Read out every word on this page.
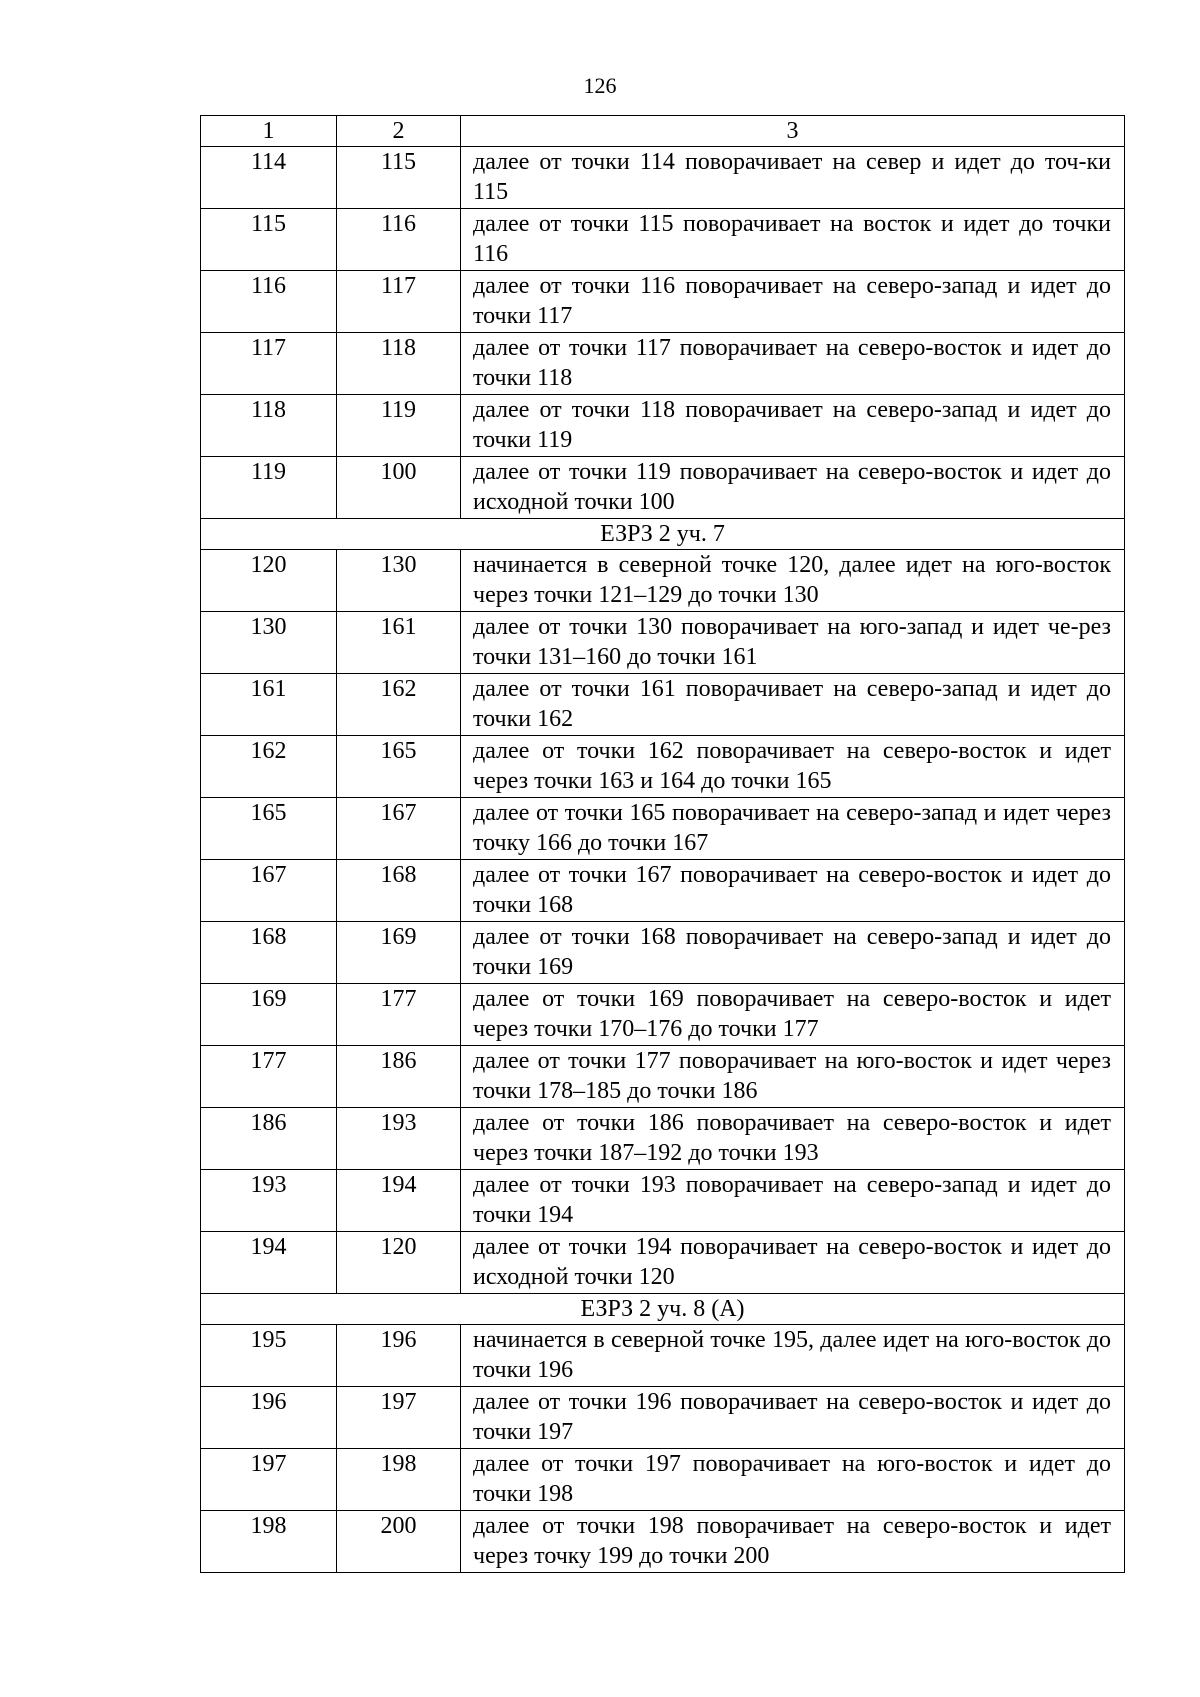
126
1	2	3
114	115	далее от точки 114 поворачивает на север и идет до точ-ки 115
115	116	далее от точки 115 поворачивает на восток и идет до точки 116
116	117	далее от точки 116 поворачивает на северо-запад и идет до точки 117
117	118	далее от точки 117 поворачивает на северо-восток и идет до точки 118
118	119	далее от точки 118 поворачивает на северо-запад и идет до точки 119
119	100	далее от точки 119 поворачивает на северо-восток и идет до исходной точки 100
ЕЗРЗ 2 уч. 7		
120	130	начинается в северной точке 120, далее идет на юго-восток через точки 121–129 до точки 130
130	161	далее от точки 130 поворачивает на юго-запад и идет че-рез точки 131–160 до точки 161
161	162	далее от точки 161 поворачивает на северо-запад и идет до точки 162
162	165	далее от точки 162 поворачивает на северо-восток и идет через точки 163 и 164 до точки 165
165	167	далее от точки 165 поворачивает на северо-запад и идет через точку 166 до точки 167
167	168	далее от точки 167 поворачивает на северо-восток и идет до точки 168
168	169	далее от точки 168 поворачивает на северо-запад и идет до точки 169
169	177	далее от точки 169 поворачивает на северо-восток и идет через точки 170–176 до точки 177
177	186	далее от точки 177 поворачивает на юго-восток и идет через точки 178–185 до точки 186
186	193	далее от точки 186 поворачивает на северо-восток и идет через точки 187–192 до точки 193
193	194	далее от точки 193 поворачивает на северо-запад и идет до точки 194
194	120	далее от точки 194 поворачивает на северо-восток и идет до исходной точки 120
ЕЗРЗ 2 уч. 8 (А)		
195	196	начинается в северной точке 195, далее идет на юго-восток до точки 196
196	197	далее от точки 196 поворачивает на северо-восток и идет до точки 197
197	198	далее от точки 197 поворачивает на юго-восток и идет до точки 198
198	200	далее от точки 198 поворачивает на северо-восток и идет через точку 199 до точки 200
